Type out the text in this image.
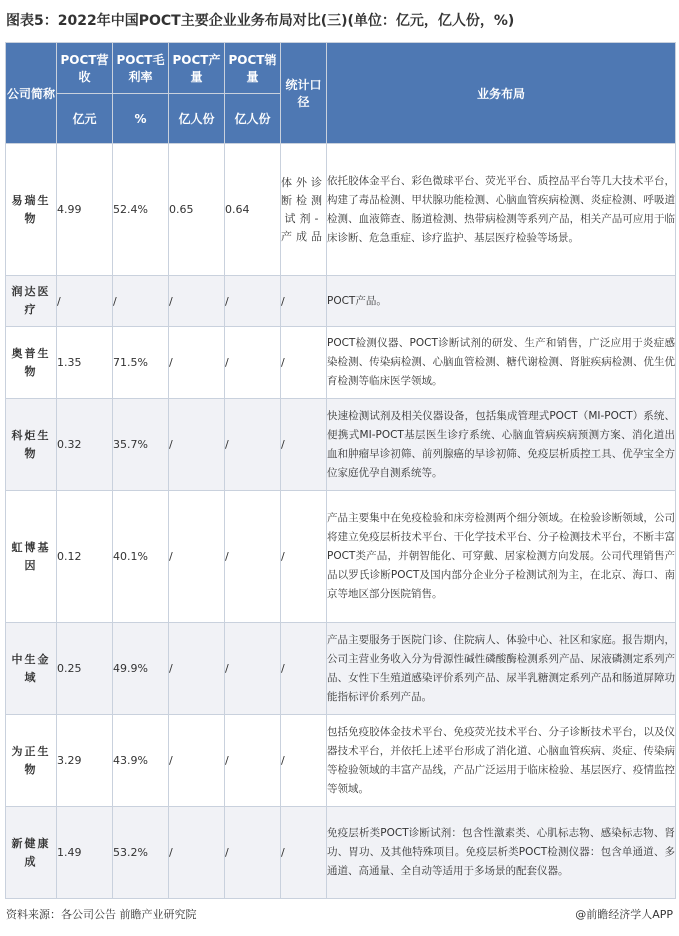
图表5：2022年中国POCT主要企业业务布局对比(三)(单位：亿元，亿人份，%)
公司简称	POCT营收	POCT毛利率	POCT产量	POCT销量	统计口径	业务布局
	亿元	%	亿人份	亿人份		
易瑞生物	4.99	52.4%	0.65	0.64	体外诊断检测试剂-产成品	依托胶体金平台、彩色微球平台、荧光平台、质控品平台等几大技术平台，构建了毒品检测、甲状腺功能检测、心脑血管疾病检测、炎症检测、呼吸道检测、血液筛查、肠道检测、热带病检测等系列产品，相关产品可应用于临床诊断、危急重症、诊疗监护、基层医疗检验等场景。
润达医疗	/	/	/	/	/	POCT产品。
奥普生物	1.35	71.5%	/	/	/	POCT检测仪器、POCT诊断试剂的研发、生产和销售，广泛应用于炎症感染检测、传染病检测、心脑血管检测、糖代谢检测、肾脏疾病检测、优生优育检测等临床医学领域。
科炬生物	0.32	35.7%	/	/	/	快速检测试剂及相关仪器设备，包括集成管理式POCT（MI-POCT）系统、便携式MI-POCT基层医生诊疗系统、心脑血管病疾病预测方案、消化道出血和肿瘤早诊初筛、前列腺癌的早诊初筛、免疫层析质控工具、优孕宝全方位家庭优孕自测系统等。
虹博基因	0.12	40.1%	/	/	/	产品主要集中在免疫检验和床旁检测两个细分领域。在检验诊断领域，公司将建立免疫层析技术平台、干化学技术平台、分子检测技术平台，不断丰富POCT类产品，并朝智能化、可穿戴、居家检测方向发展。公司代理销售产品以罗氏诊断POCT及国内部分企业分子检测试剂为主，在北京、海口、南京等地区部分医院销售。
中生金域	0.25	49.9%	/	/	/	产品主要服务于医院门诊、住院病人、体验中心、社区和家庭。报告期内，公司主营业务收入分为骨源性碱性磷酸酶检测系列产品、尿液磷测定系列产品、女性下生殖道感染评价系列产品、尿半乳糖测定系列产品和肠道屏障功能指标评价系列产品。
为正生物	3.29	43.9%	/	/	/	包括免疫胶体金技术平台、免疫荧光技术平台、分子诊断技术平台，以及仪器技术平台，并依托上述平台形成了消化道、心脑血管疾病、炎症、传染病等检验领域的丰富产品线，产品广泛运用于临床检验、基层医疗、疫情监控等领域。
新健康成	1.49	53.2%	/	/	/	免疫层析类POCT诊断试剂：包含性激素类、心肌标志物、感染标志物、肾功、胃功、及其他特殊项目。免疫层析类POCT检测仪器：包含单通道、多通道、高通量、全自动等适用于多场景的配套仪器。
资料来源：各公司公告 前瞻产业研究院	@前瞻经济学人APP
